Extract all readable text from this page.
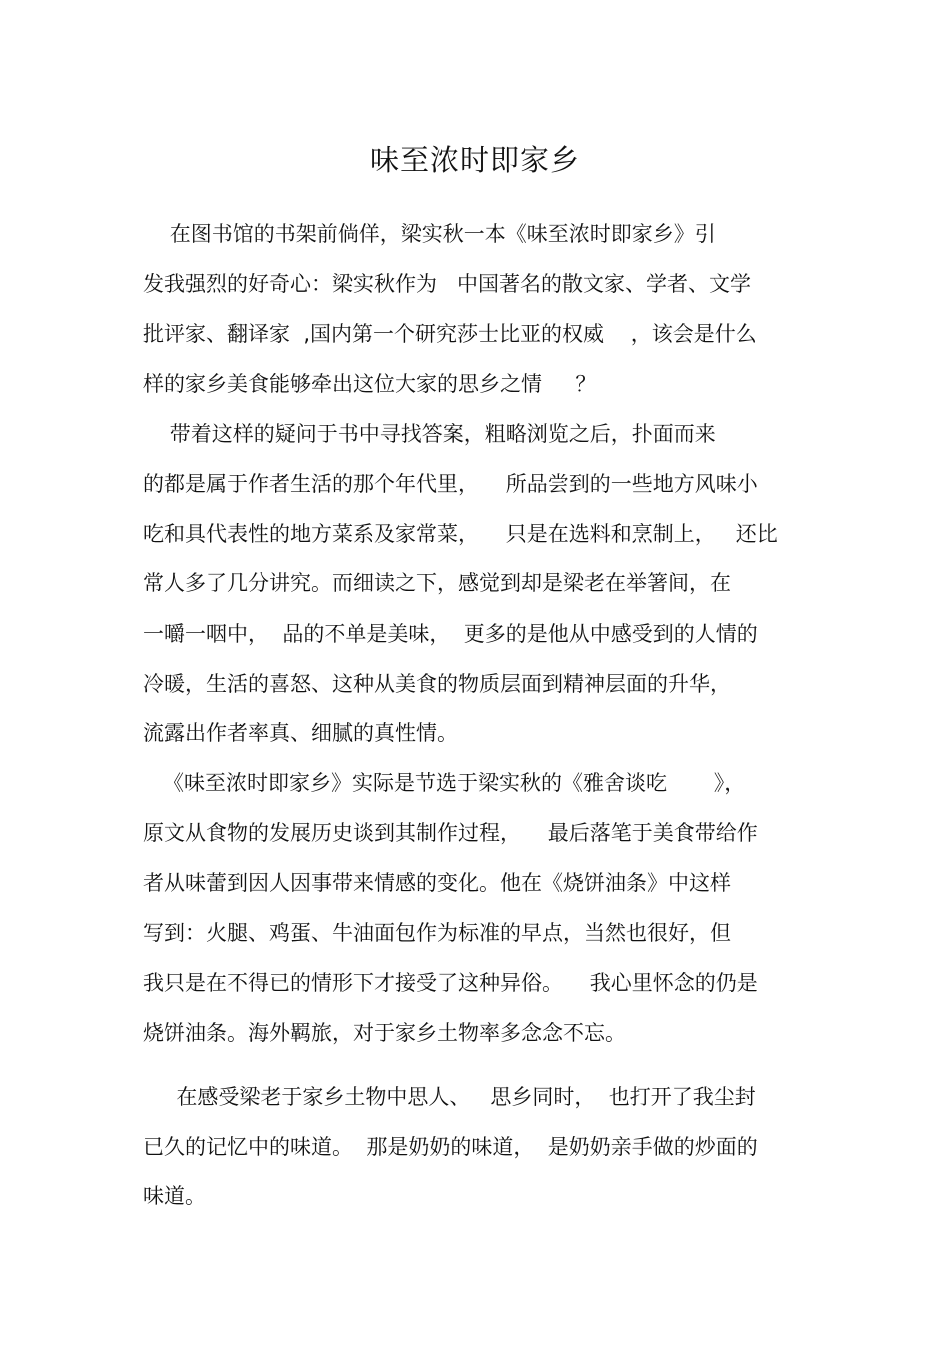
味至浓时即家乡
在图书馆的书架前倘佯，梁实秋一本《味至浓时即家乡》引
发我强烈的好奇心：梁实秋作为   中国著名的散文家、学者、文学
批评家、翻译家  ,国内第一个研究莎士比亚的权威    ，该会是什么
样的家乡美食能够牵出这位大家的思乡之情     ？
带着这样的疑问于书中寻找答案，粗略浏览之后，扑面而来
的都是属于作者生活的那个年代里，    所品尝到的一些地方风味小
吃和具代表性的地方菜系及家常菜，    只是在选料和烹制上，   还比
常人多了几分讲究。而细读之下，感觉到却是梁老在举箸间，在
一嚼一咽中，  品的不单是美味，  更多的是他从中感受到的人情的
冷暖，生活的喜怒、这种从美食的物质层面到精神层面的升华，
流露出作者率真、细腻的真性情。
《味至浓时即家乡》实际是节选于梁实秋的《雅舍谈吃       》，
原文从食物的发展历史谈到其制作过程，    最后落笔于美食带给作
者从味蕾到因人因事带来情感的变化。他在《烧饼油条》中这样
写到：火腿、鸡蛋、牛油面包作为标准的早点，当然也很好，但
我只是在不得已的情形下才接受了这种异俗。    我心里怀念的仍是
烧饼油条。海外羁旅，对于家乡土物率多念念不忘。
在感受梁老于家乡土物中思人、   思乡同时，  也打开了我尘封
已久的记忆中的味道。  那是奶奶的味道，  是奶奶亲手做的炒面的
味道。
